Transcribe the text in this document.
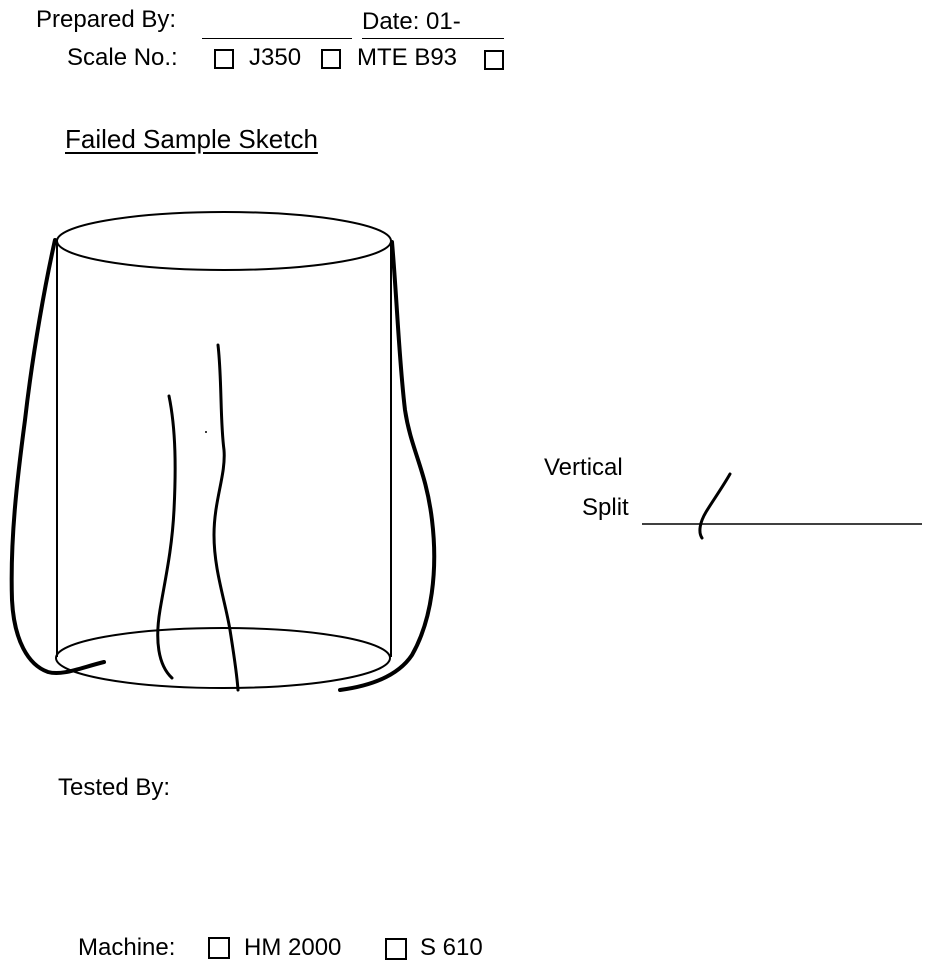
Prepared By:	Date: 01-
Scale No.:	J350 MTE B93
Failed Sample Sketch
Vertical
Split
Tested By:
Machine:	HM 2000	S 610
